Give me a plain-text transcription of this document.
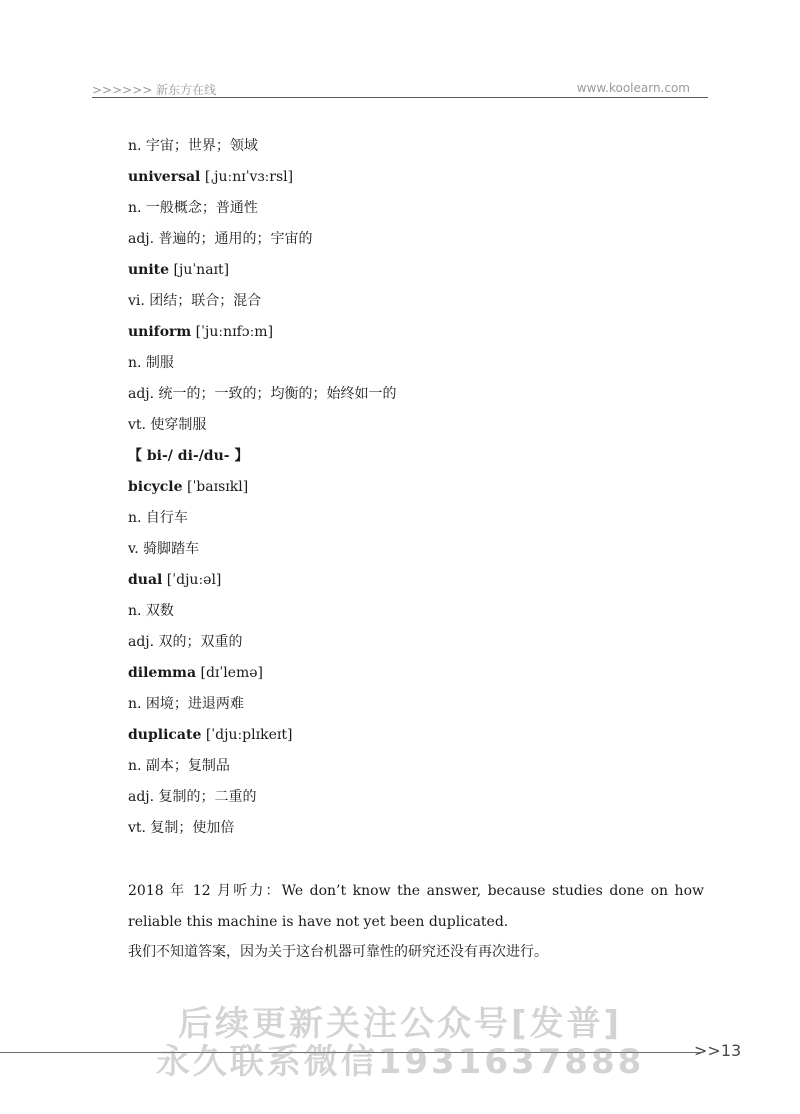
>>>>>> 新东方在线	www.koolearn.com
n. 宇宙；世界；领域
universal [ˌjuːnɪˈvɜːrsl]
n. 一般概念；普通性
adj. 普遍的；通用的；宇宙的
unite [juˈnaɪt]
vi. 团结；联合；混合
uniform [ˈjuːnɪfɔːm]
n. 制服
adj. 统一的；一致的；均衡的；始终如一的
vt. 使穿制服
【 bi-/ di-/du- 】
bicycle [ˈbaɪsɪkl]
n. 自行车
v. 骑脚踏车
dual [ˈdjuːəl]
n. 双数
adj. 双的；双重的
dilemma [dɪˈlemə]
n. 困境；进退两难
duplicate [ˈdjuːplɪkeɪt]
n. 副本；复制品
adj. 复制的；二重的
vt. 复制；使加倍
2018 年 12 月听力：We don’t know the answer, because studies done on how reliable this machine is have not yet been duplicated.
我们不知道答案，因为关于这台机器可靠性的研究还没有再次进行。
后续更新关注公众号[发普]
永久联系微信1931637888	>>13
